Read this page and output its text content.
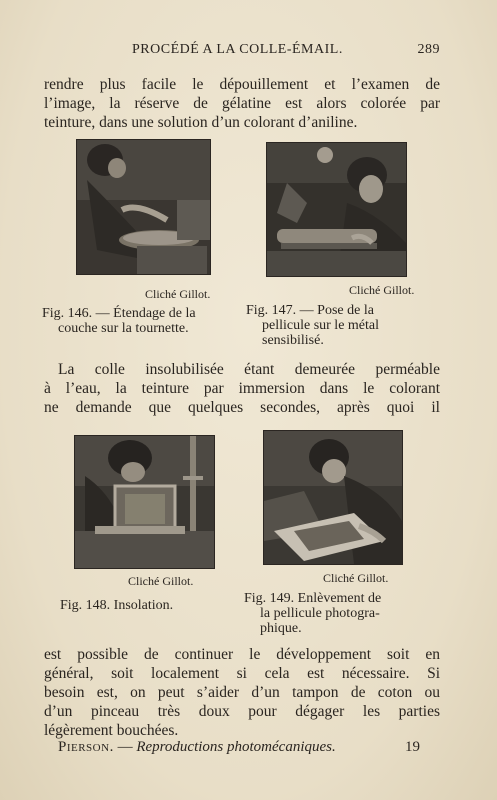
PROCÉDÉ A LA COLLE-ÉMAIL.	289
rendre plus facile le dépouillement et l’examen de
l’image, la réserve de gélatine est alors colorée par
teinture, dans une solution d’un colorant d’aniline.
Cliché Gillot.
Fig. 146. — Étendage de la
couche sur la tournette.
Cliché Gillot.
Fig. 147. — Pose de la
pellicule sur le métal
sensibilisé.
La colle insolubilisée étant demeurée perméable
à l’eau, la teinture par immersion dans le colorant
ne demande que quelques secondes, après quoi il
Cliché Gillot.
Fig. 148. Insolation.
Cliché Gillot.
Fig. 149. Enlèvement de
la pellicule photogra-
phique.
est possible de continuer le développement soit en
général, soit localement si cela est nécessaire. Si
besoin est, on peut s’aider d’un tampon de coton ou
d’un pinceau très doux pour dégager les parties
légèrement bouchées.
Pierson. — Reproductions photomécaniques.	19
